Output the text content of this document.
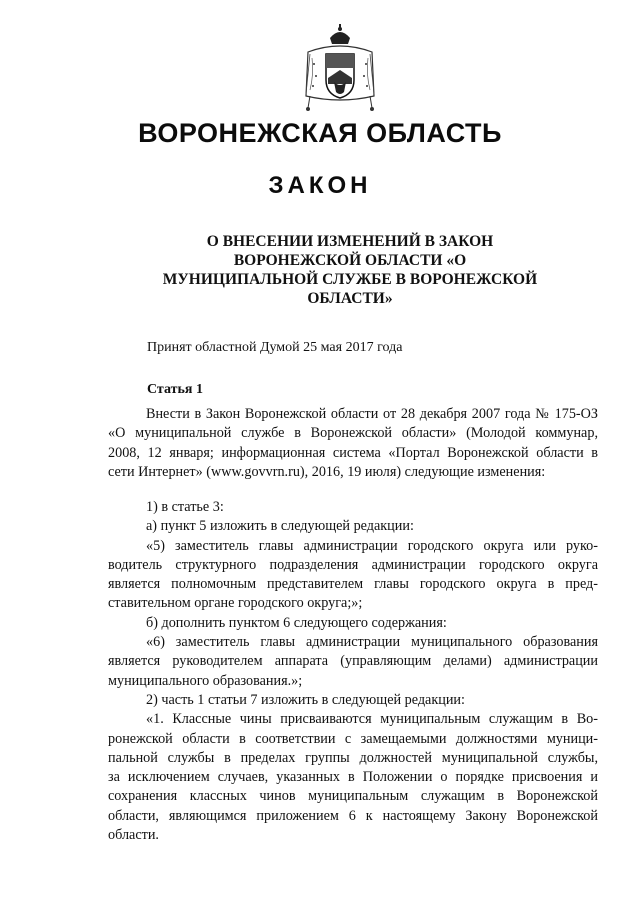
ВОРОНЕЖСКАЯ ОБЛАСТЬ
ЗАКОН
О ВНЕСЕНИИ ИЗМЕНЕНИЙ В ЗАКОН
ВОРОНЕЖСКОЙ ОБЛАСТИ «О
МУНИЦИПАЛЬНОЙ СЛУЖБЕ В ВОРОНЕЖСКОЙ
ОБЛАСТИ»
Принят областной Думой 25 мая 2017 года
Статья 1
Внести в Закон Воронежской области от 28 декабря 2007 года № 175-ОЗ
«О муниципальной службе в Воронежской области» (Молодой коммунар,
2008, 12 января; информационная система «Портал Воронежской области в
сети Интернет» (www.govvrn.ru), 2016, 19 июля) следующие изменения:
1) в статье 3:
а) пункт 5 изложить в следующей редакции:
«5) заместитель главы администрации городского округа или руко-
водитель структурного подразделения администрации городского округа
является полномочным представителем главы городского округа в пред-
ставительном органе городского округа;»;
б) дополнить пунктом 6 следующего содержания:
«6) заместитель главы администрации муниципального образования
является руководителем аппарата (управляющим делами) администрации
муниципального образования.»;
2) часть 1 статьи 7 изложить в следующей редакции:
«1. Классные чины присваиваются муниципальным служащим в Во-
ронежской области в соответствии с замещаемыми должностями муници-
пальной службы в пределах группы должностей муниципальной службы,
за исключением случаев, указанных в Положении о порядке присвоения и
сохранения классных чинов муниципальным служащим в Воронежской
области, являющимся приложением 6 к настоящему Закону Воронежской
области.
